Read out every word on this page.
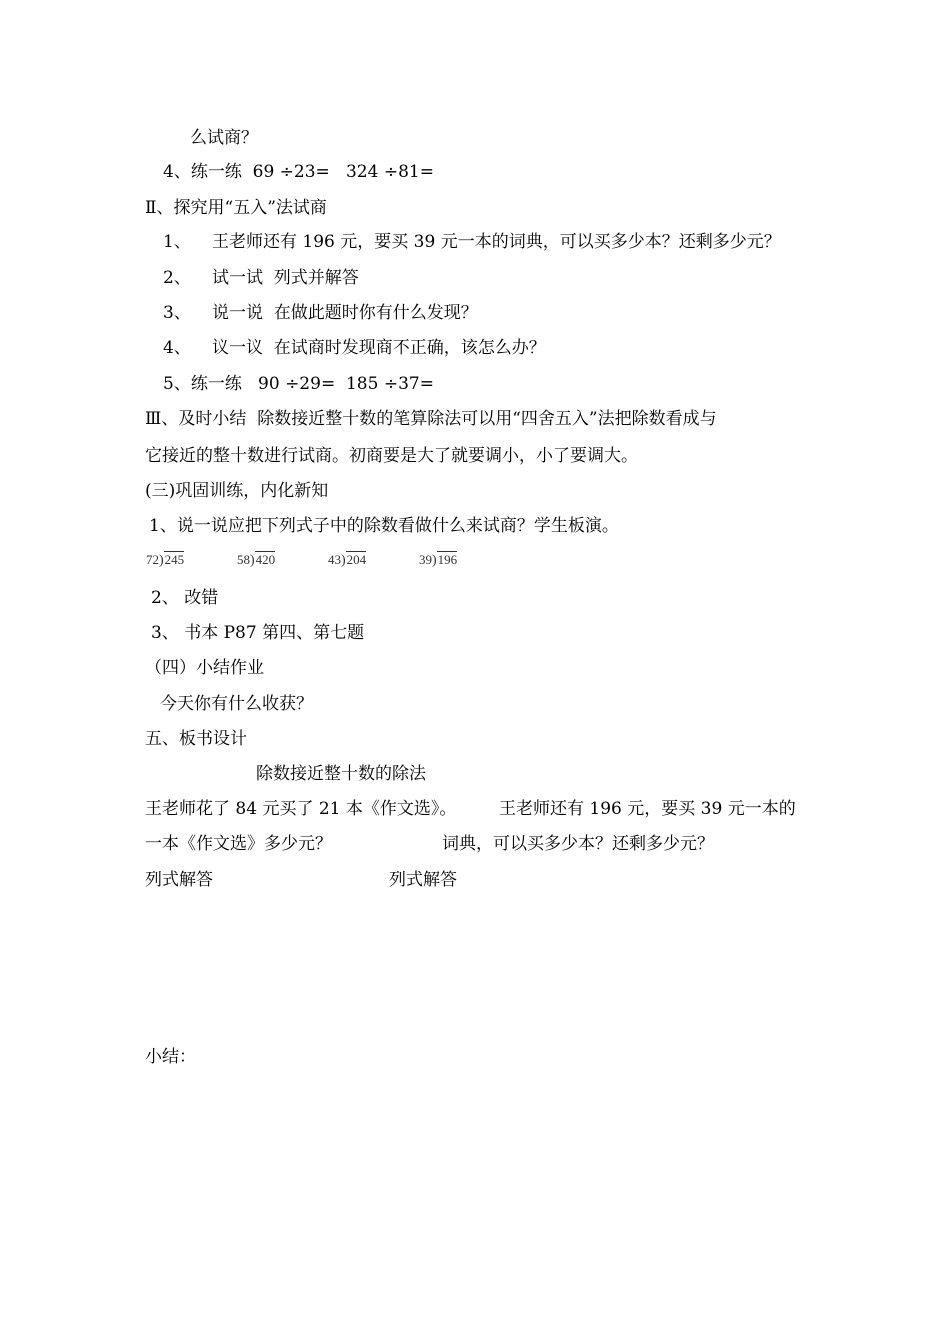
么试商？
4、练一练  69 ÷23=   324 ÷81=
Ⅱ、探究用“五入”法试商
1、 王老师还有 196 元，要买 39 元一本的词典，可以买多少本？还剩多少元？
2、 试一试  列式并解答
3、 说一说  在做此题时你有什么发现？
4、 议一议  在试商时发现商不正确，该怎么办？
5、练一练   90 ÷29=  185 ÷37=
Ⅲ、及时小结  除数接近整十数的笔算除法可以用“四舍五入”法把除数看成与
它接近的整十数进行试商。初商要是大了就要调小，小了要调大。
(三)巩固训练，内化新知
1、说一说应把下列式子中的除数看做什么来试商？学生板演。
72)245	58)420	43)204	39)196
2、 改错
3、 书本 P87 第四、第七题
（四）小结作业
今天你有什么收获？
五、板书设计
除数接近整十数的除法
王老师花了 84 元买了 21 本《作文选》。	王老师还有 196 元，要买 39 元一本的
一本《作文选》多少元？	词典，可以买多少本？还剩多少元？
列式解答	列式解答
小结：
